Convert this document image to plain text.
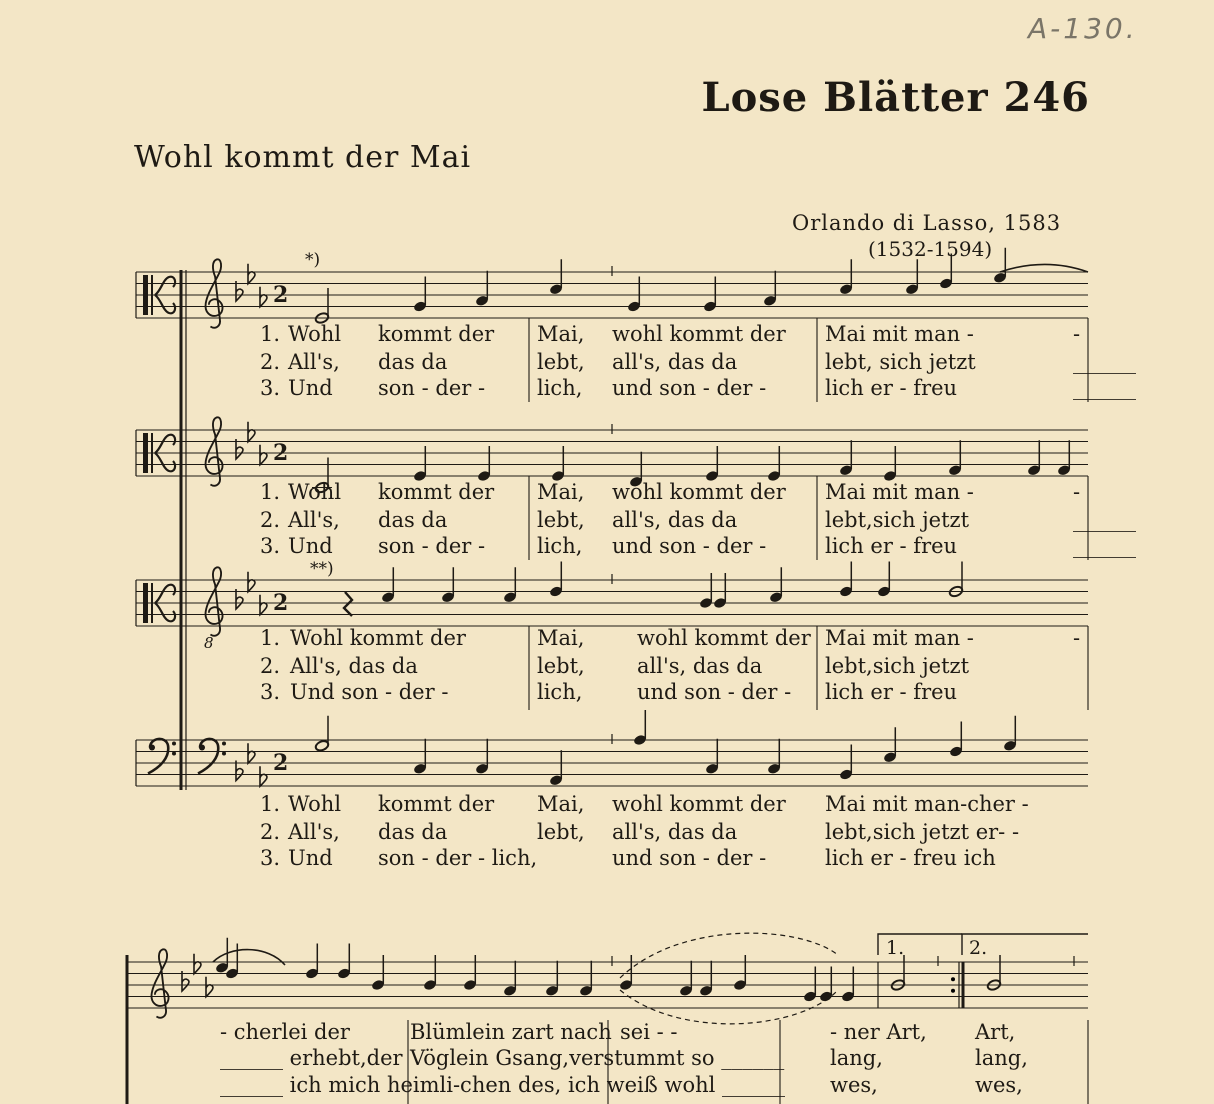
A-130.
Lose Blätter 246
Wohl kommt der Mai
Orlando di Lasso, 1583
(1532-1594)
2
2
2
2
1.	2.
*)
**)
8
1. Wohl kommt der Mai, wohl kommt der Mai mit man -	-
2. All's, das da	lebt, all's, das da	lebt, sich jetzt	______
3. Und son - der - lich, und son - der -	lich er - freu	______
1. Wohl kommt der Mai, wohl kommt der Mai mit man -	-
2. All's, das da	lebt, all's, das da	lebt,sich jetzt	______
3. Und son - der - lich, und son - der -	lich er - freu	______
1. Wohl kommt der	Mai,	wohl kommt der Mai mit man -	-
2. All's, das da	lebt, all's, das da	lebt,sich jetzt
3. Und son - der -	lich,	und son - der - lich er - freu
1. Wohl kommt der Mai, wohl kommt der Mai mit man-cher -
2. All's, das da	lebt, all's, das da	lebt,sich jetzt er- -
3. Und son - der - lich,	und son - der -	lich er - freu ich
- cherlei der	Blümlein zart nach sei - -	- ner Art, Art,
______ erhebt,der Vöglein Gsang,verstummt so ______ lang,	lang,
______ ich mich heimli-chen des, ich weiß wohl ______ wes,	wes,
